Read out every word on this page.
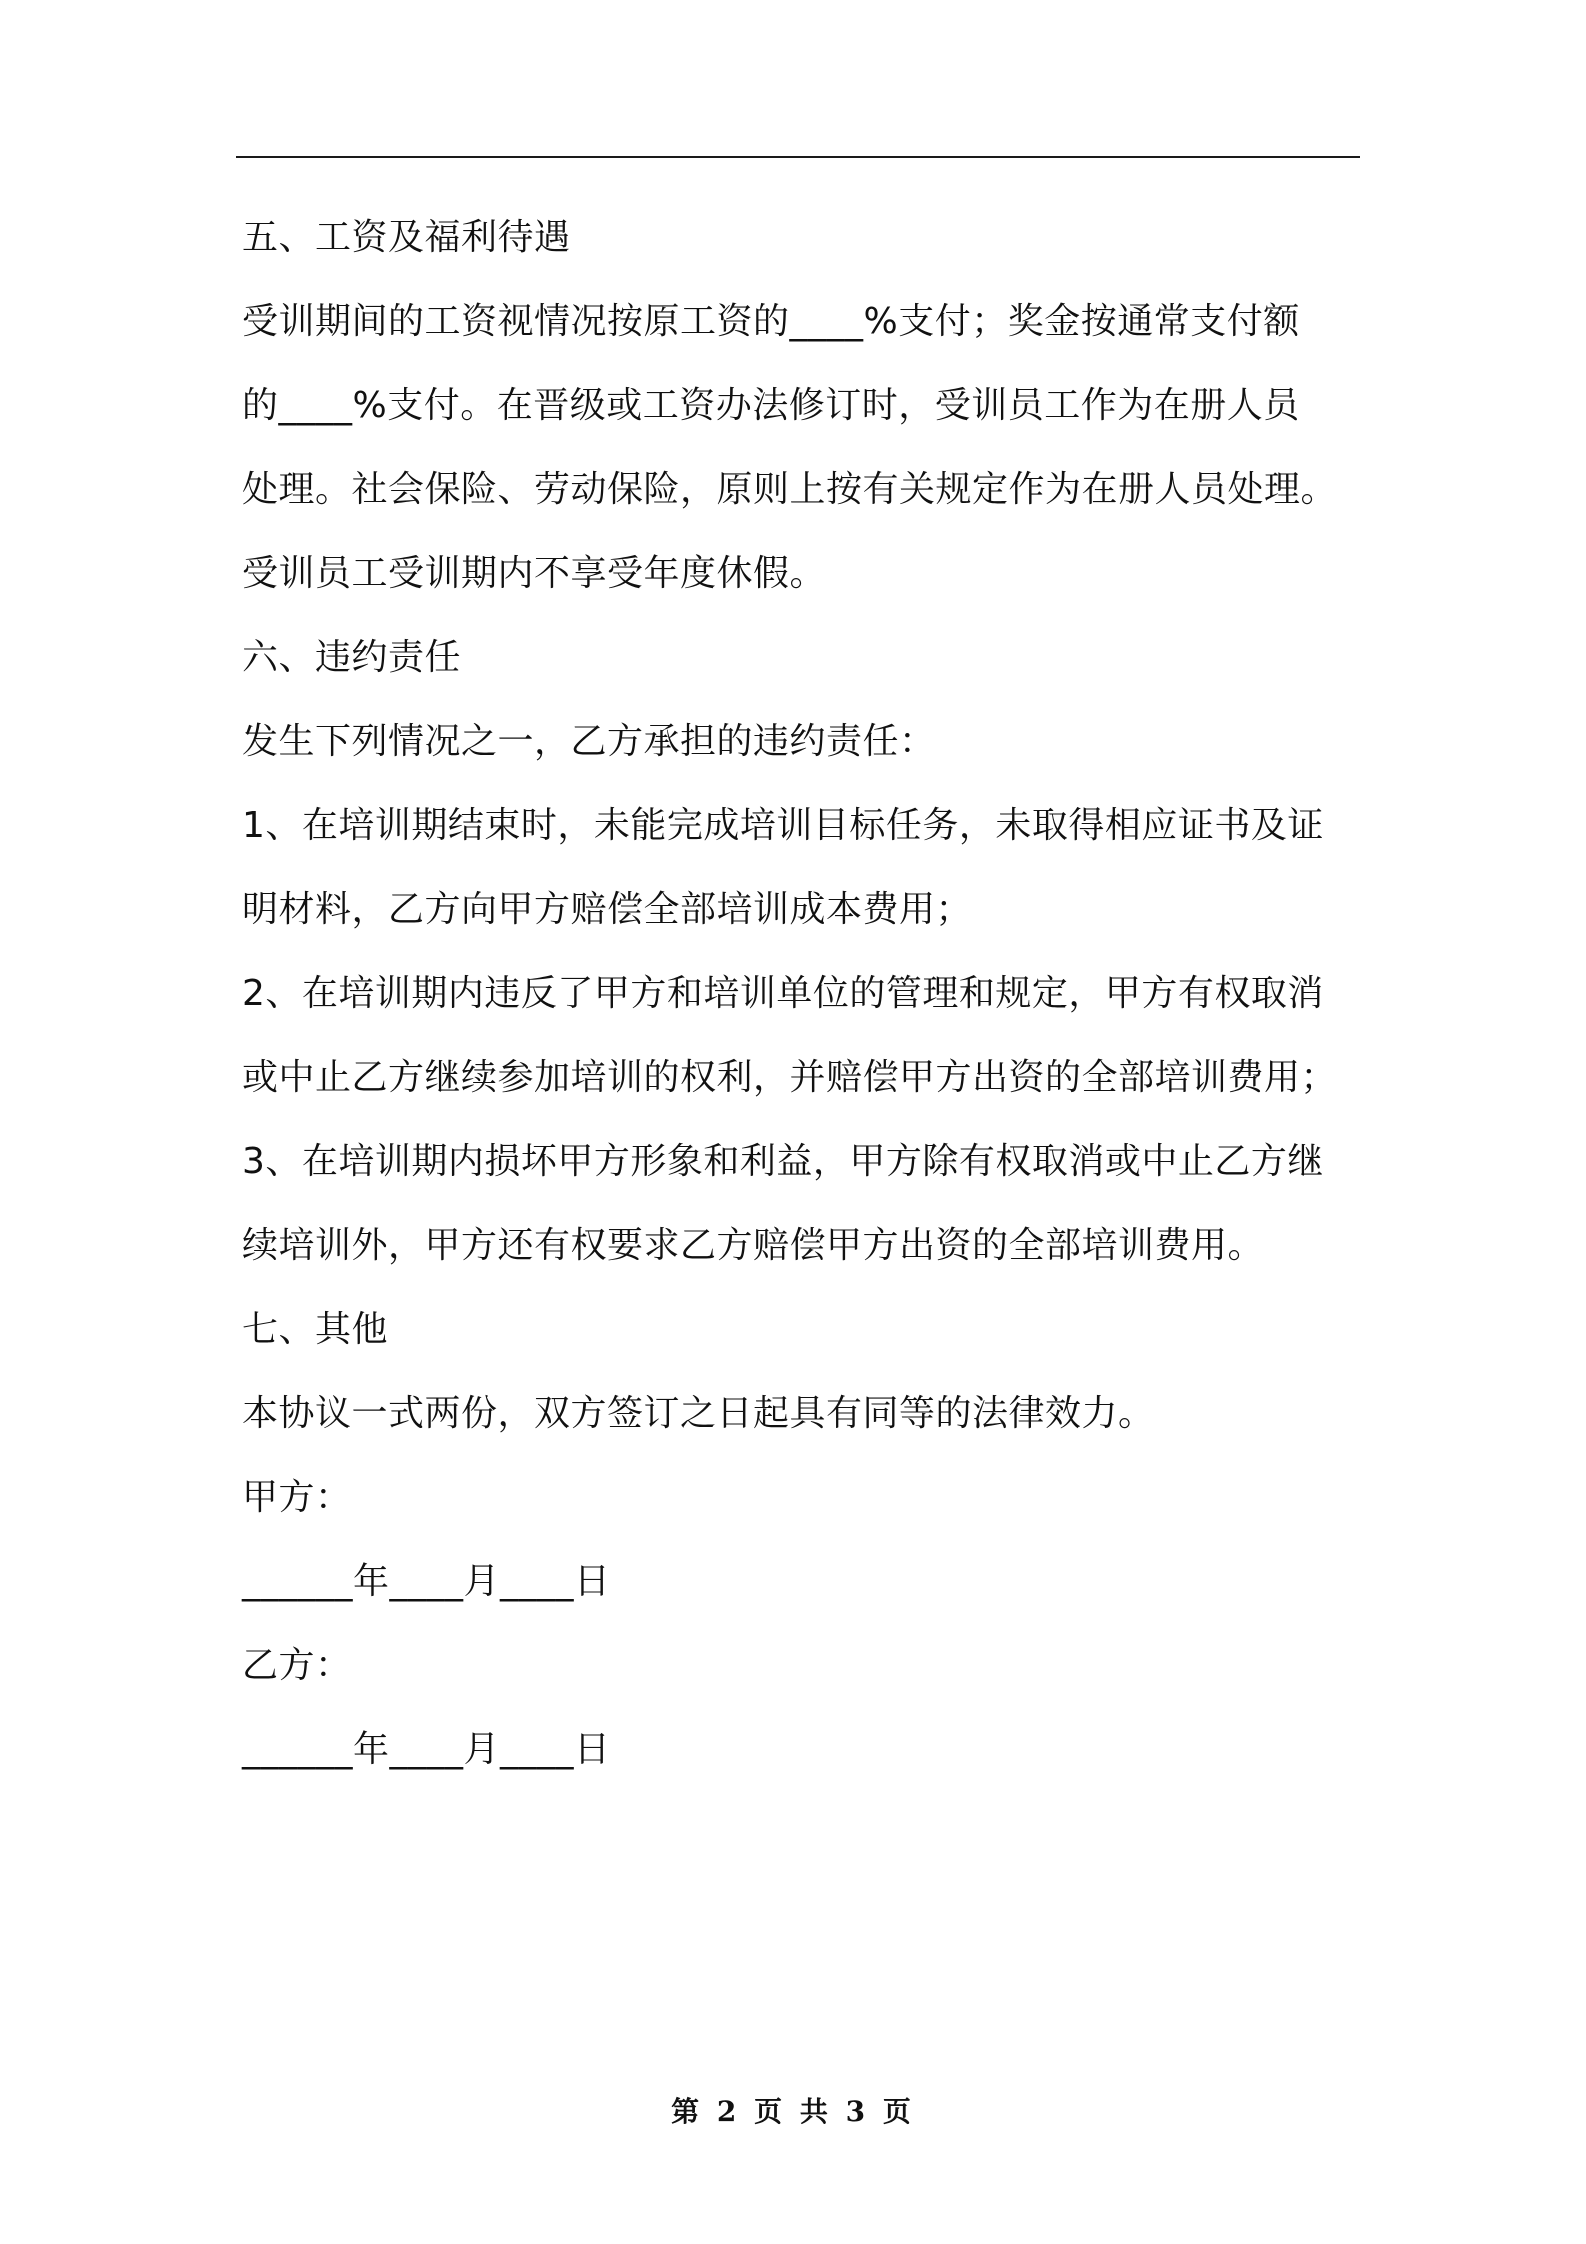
五、工资及福利待遇
受训期间的工资视情况按原工资的____%支付；奖金按通常支付额
的____%支付。在晋级或工资办法修订时，受训员工作为在册人员
处理。社会保险、劳动保险，原则上按有关规定作为在册人员处理。
受训员工受训期内不享受年度休假。
六、违约责任
发生下列情况之一，乙方承担的违约责任：
1、在培训期结束时，未能完成培训目标任务，未取得相应证书及证
明材料，乙方向甲方赔偿全部培训成本费用；
2、在培训期内违反了甲方和培训单位的管理和规定，甲方有权取消
或中止乙方继续参加培训的权利，并赔偿甲方出资的全部培训费用；
3、在培训期内损坏甲方形象和利益，甲方除有权取消或中止乙方继
续培训外，甲方还有权要求乙方赔偿甲方出资的全部培训费用。
七、其他
本协议一式两份，双方签订之日起具有同等的法律效力。
甲方：
______年____月____日
乙方：
______年____月____日
第 2 页 共 3 页
